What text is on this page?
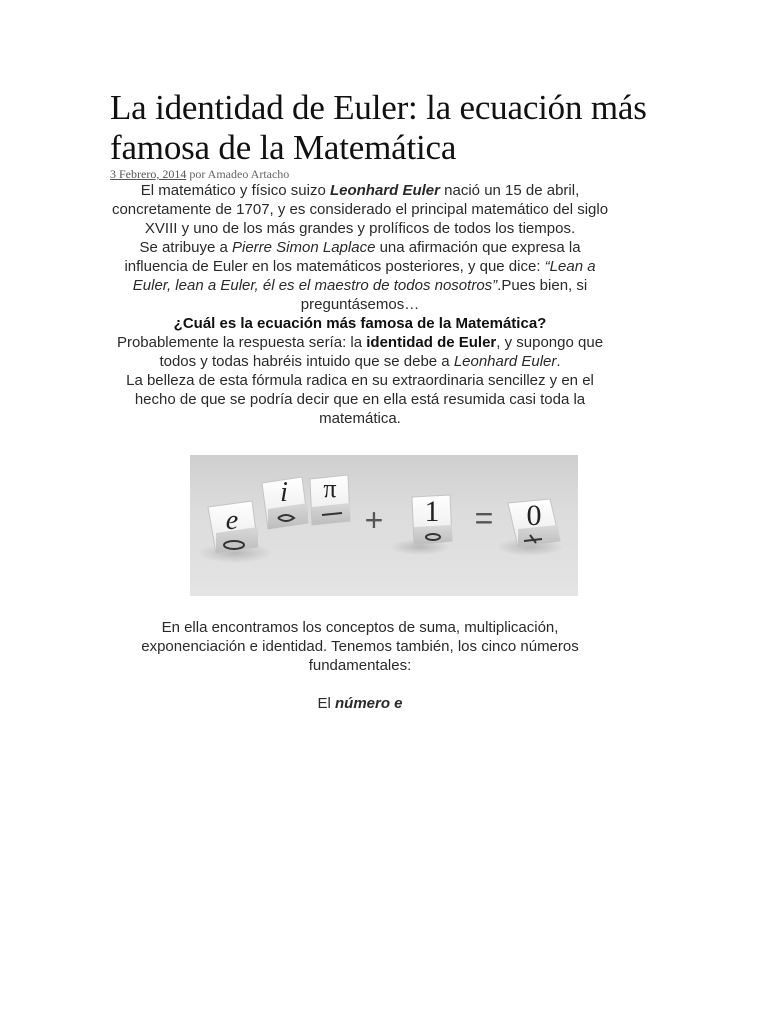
La identidad de Euler: la ecuación más famosa de la Matemática
3 Febrero, 2014 por Amadeo Artacho

El matemático y físico suizo Leonhard Euler nació un 15 de abril, concretamente de 1707, y es considerado el principal matemático del siglo XVIII y uno de los más grandes y prolíficos de todos los tiempos.

Se atribuye a Pierre Simon Laplace una afirmación que expresa la influencia de Euler en los matemáticos posteriores, y que dice: “Lean a Euler, lean a Euler, él es el maestro de todos nosotros”.Pues bien, si preguntásemos…

¿Cuál es la ecuación más famosa de la Matemática?

Probablemente la respuesta sería: la identidad de Euler, y supongo que todos y todas habréis intuido que se debe a Leonhard Euler.

La belleza de esta fórmula radica en su extraordinaria sencillez y en el hecho de que se podría decir que en ella está resumida casi toda la matemática.

e
i π
+ 1 = 0

En ella encontramos los conceptos de suma, multiplicación, exponenciación e identidad. Tenemos también, los cinco números fundamentales:

El número e
